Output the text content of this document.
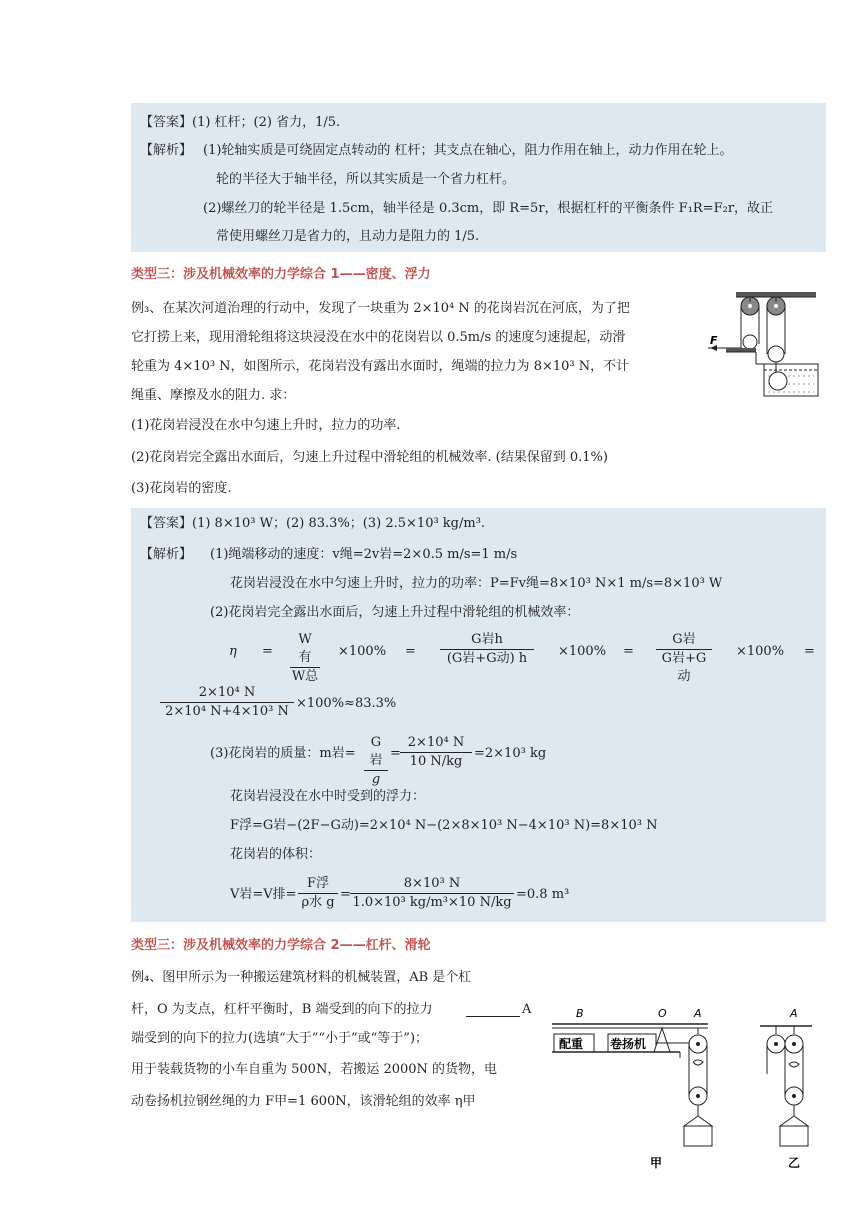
【答案】(1) 杠杆；(2) 省力，1/5.
【解析】 (1)轮轴实质是可绕固定点转动的 杠杆；其支点在轴心，阻力作用在轴上，动力作用在轮上。
轮的半径大于轴半径，所以其实质是一个省力杠杆。
(2)螺丝刀的轮半径是 1.5cm，轴半径是 0.3cm，即 R=5r，根据杠杆的平衡条件 F₁R=F₂r，故正
常使用螺丝刀是省力的，且动力是阻力的 1/5.
类型三：涉及机械效率的力学综合 1——密度、浮力
例₃、在某次河道治理的行动中，发现了一块重为 2×10⁴ N 的花岗岩沉在河底，为了把
它打捞上来，现用滑轮组将这块浸没在水中的花岗岩以 0.5m/s 的速度匀速提起，动滑
轮重为 4×10³ N，如图所示，花岗岩没有露出水面时，绳端的拉力为 8×10³ N，不计
绳重、摩擦及水的阻力. 求：
(1)花岗岩浸没在水中匀速上升时，拉力的功率.
(2)花岗岩完全露出水面后，匀速上升过程中滑轮组的机械效率. (结果保留到 0.1%)
(3)花岗岩的密度.
F
【答案】(1) 8×10³ W；(2) 83.3%；(3) 2.5×10³ kg/m³.
【解析】 (1)绳端移动的速度：v绳=2v岩=2×0.5 m/s=1 m/s
花岗岩浸没在水中匀速上升时，拉力的功率：P=Fv绳=8×10³ N×1 m/s=8×10³ W
(2)花岗岩完全露出水面后，匀速上升过程中滑轮组的机械效率：
η =
W有
W总
×100% =
G岩h
(G岩+G动) h	×100% =
G岩
G岩+G动
×100% =
$\frac{\text{2×10⁴ N}}{\text{2×10⁴ N+4×10³ N}} \times 100\%\approx 83.3\%$
(3)花岗岩的质量：m岩=
G岩
g
= $\frac{\text{2×10⁴ N}}{10 N/kg} =2\times 10^3$ kg
花岗岩浸没在水中时受到的浮力：
F浮=G岩−(2F−G动)=2×10⁴ N−(2×8×10³ N−4×10³ N)=8×10³ N
花岗岩的体积：
V岩=V排=
F浮
ρ水 g
= $\frac{\text{8×10³ N}}{\text{1.0×10³ kg/m³×10 N/kg}} =0.8$ m³
类型三：涉及机械效率的力学综合 2——杠杆、滑轮
例₄、图甲所示为一种搬运建筑材料的机械装置，AB 是个杠
杆，O 为支点，杠杆平衡时，B 端受到的向下的拉力	A
端受到的向下的拉力(选填“大于”“小于”或“等于”)；
用于装载货物的小车自重为 500N，若搬运 2000N 的货物，电
动卷扬机拉钢丝绳的力 F甲=1 600N，该滑轮组的效率 η甲
B	O A
配重 卷扬机
甲
A
乙
